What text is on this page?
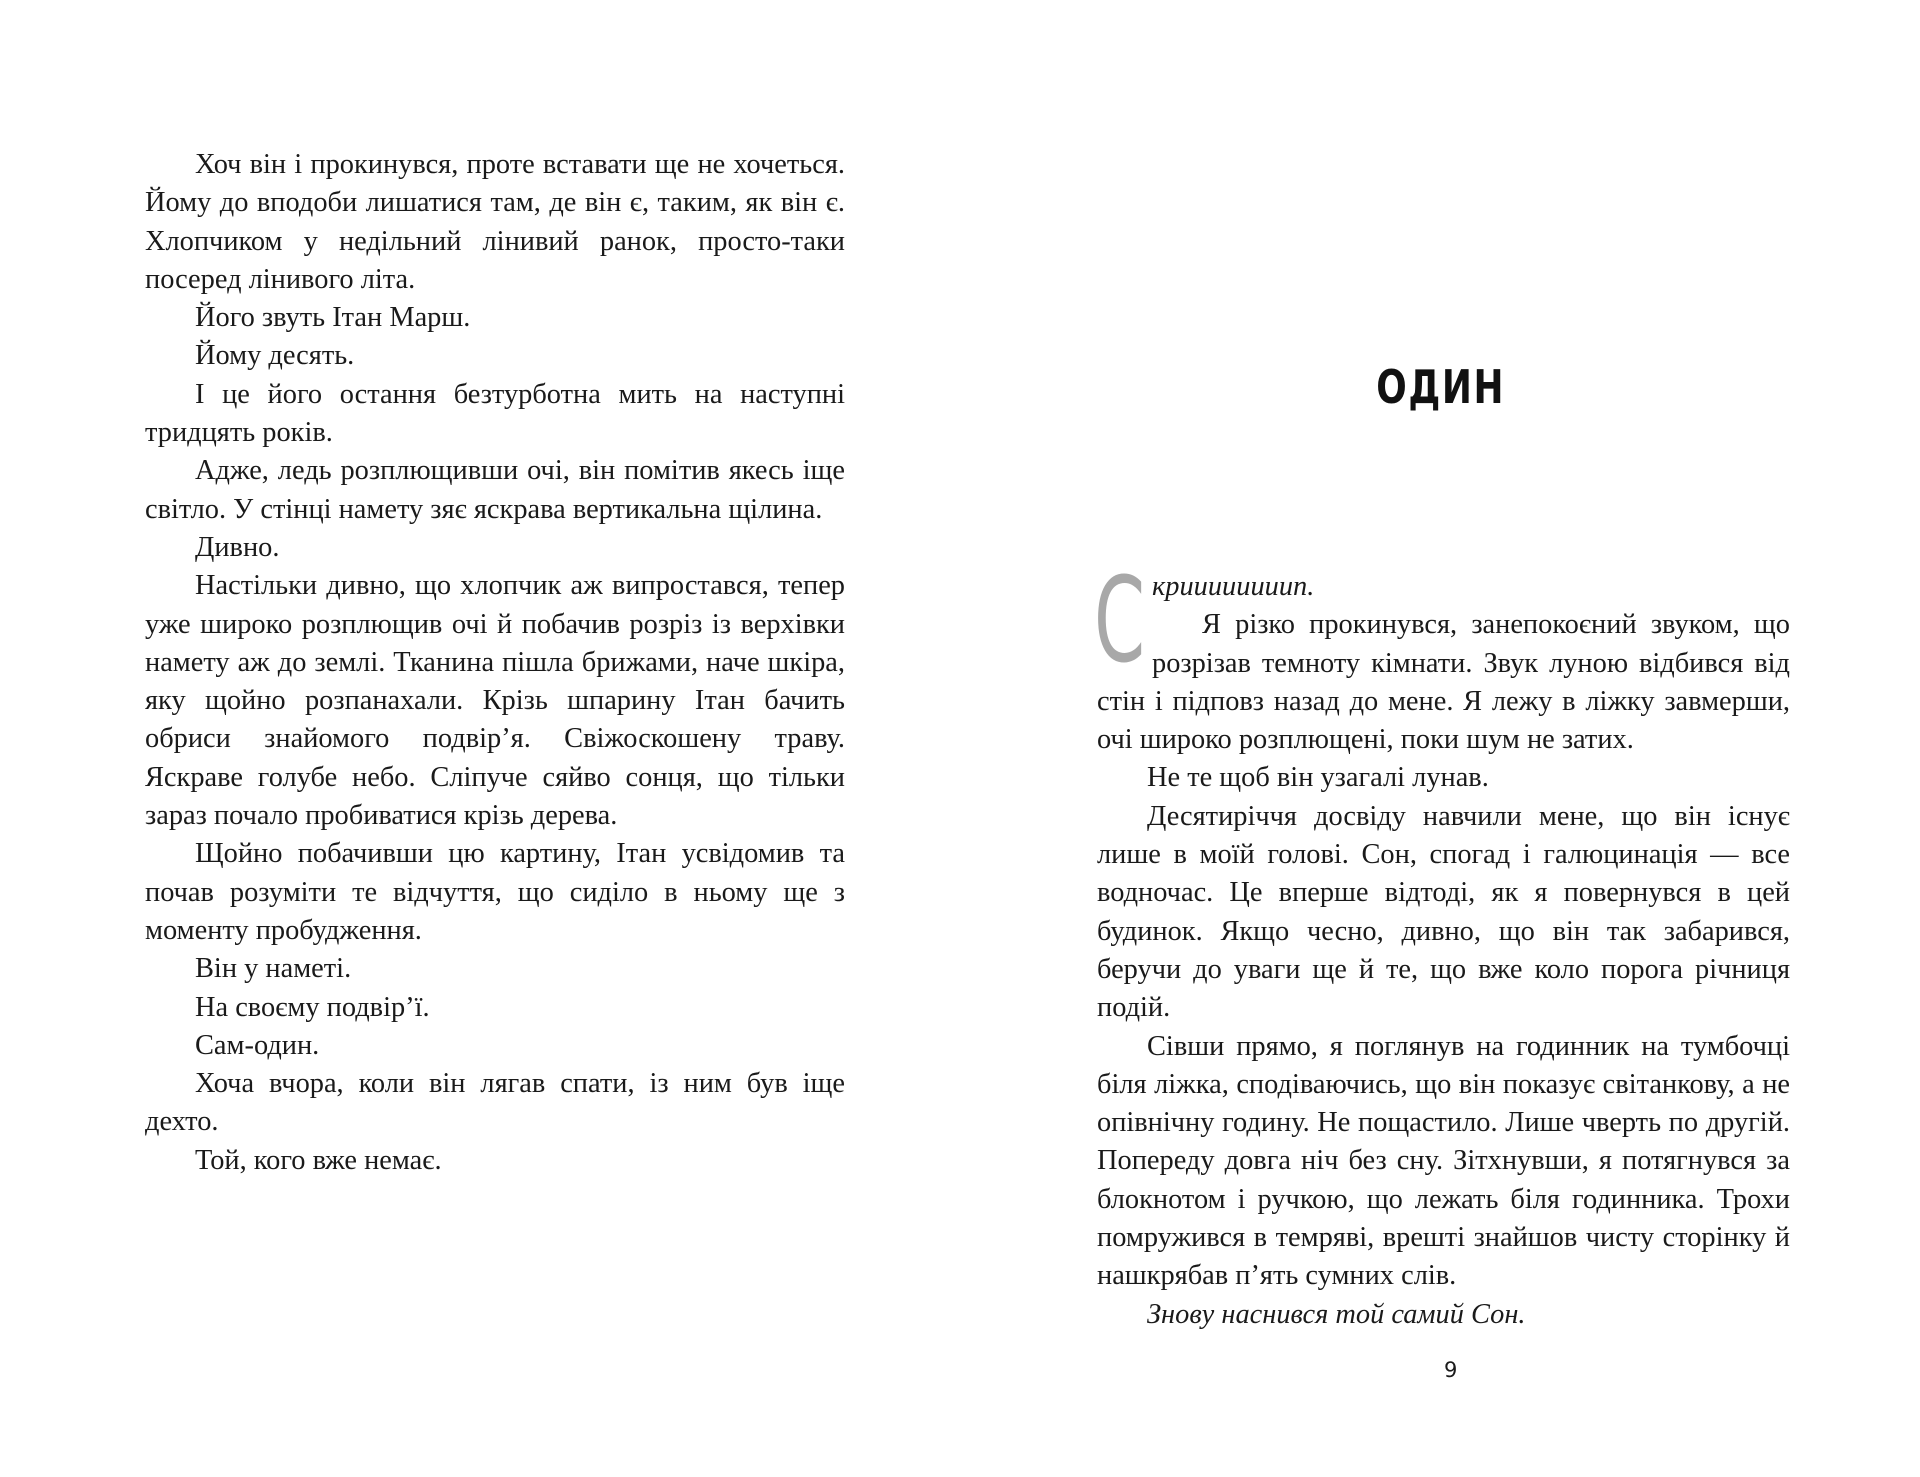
Хоч він і прокинувся, проте вставати ще не хочеться. Йому до вподоби лишатися там, де він є, таким, як він є. Хлопчиком у недільний лінивий ранок, просто-таки посеред лінивого літа.

Його звуть Ітан Марш.

Йому десять.

І це його остання безтурботна мить на наступні тридцять років.

Адже, ледь розплющивши очі, він помітив якесь іще світло. У стінці намету зяє яскрава вертикальна щілина.

Дивно.

Настільки дивно, що хлопчик аж випростався, тепер уже широко розплющив очі й побачив розріз із верхівки намету аж до землі. Тканина пішла брижами, наче шкіра, яку щойно розпанахали. Крізь шпарину Ітан бачить обриси знайомого подвір’я. Свіжоскошену траву. Яскраве голубе небо. Сліпуче сяйво сонця, що тільки зараз почало пробиватися крізь дерева.

Щойно побачивши цю картину, Ітан усвідомив та почав розуміти те відчуття, що сиділо в ньому ще з моменту пробудження.

Він у наметі.

На своєму подвір’ї.

Сам-один.

Хоча вчора, коли він лягав спати, із ним був іще дехто.

Той, кого вже немає.

ОДИН
С криииииииип.

Я різко прокинувся, занепокоєний звуком, що розрізав темноту кімнати. Звук луною відбився від стін і підповз назад до мене. Я лежу в ліжку завмерши, очі широко розплющені, поки шум не затих.

Не те щоб він узагалі лунав.

Десятиріччя досвіду навчили мене, що він існує лише в моїй голові. Сон, спогад і галюцинація — все водночас. Це вперше відтоді, як я повернувся в цей будинок. Якщо чесно, дивно, що він так забарився, беручи до уваги ще й те, що вже коло порога річниця подій.

Сівши прямо, я поглянув на годинник на тумбочці біля ліжка, сподіваючись, що він показує світанкову, а не опівнічну годину. Не пощастило. Лише чверть по другій. Попереду довга ніч без сну. Зітхнувши, я потягнувся за блокнотом і ручкою, що лежать біля годинника. Трохи помружився в темряві, врешті знайшов чисту сторінку й нашкрябав п’ять сумних слів.

Знову наснився той самий Сон.

9
